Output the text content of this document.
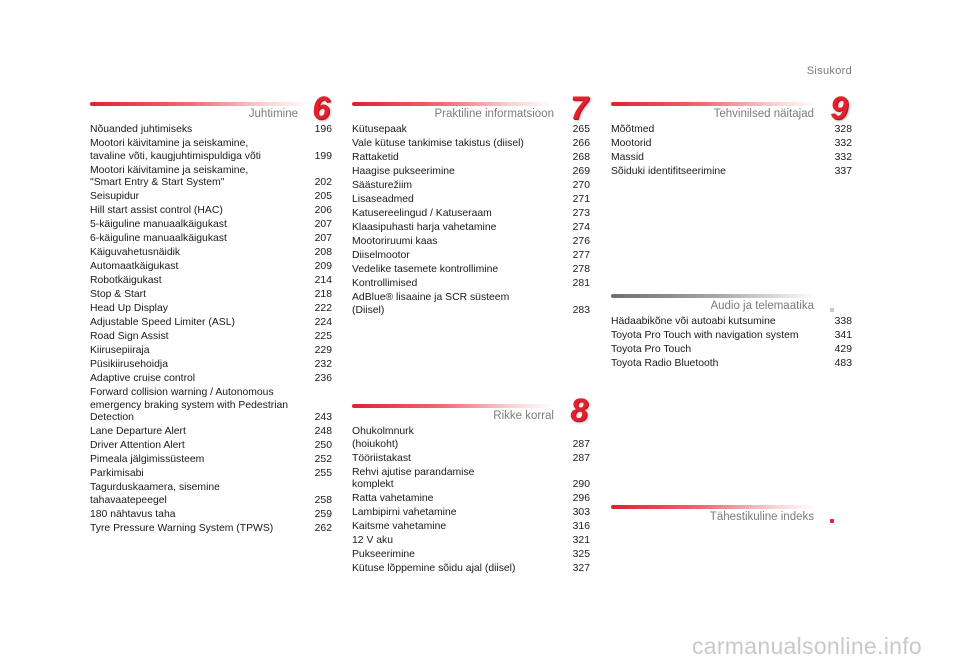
Sisukord
Juhtimine 6
Nõuanded juhtimiseks	196
Mootori käivitamine ja seiskamine,
tavaline võti, kaugjuhtimispuldiga võti	199
Mootori käivitamine ja seiskamine,
"Smart Entry & Start System"	202
Seisupidur	205
Hill start assist control (HAC)	206
5-käiguline manuaalkäigukast	207
6-käiguline manuaalkäigukast	207
Käiguvahetusnäidik	208
Automaatkäigukast	209
Robotkäigukast	214
Stop & Start	218
Head Up Display	222
Adjustable Speed Limiter (ASL)	224
Road Sign Assist	225
Kiirusepiiraja	229
Püsikiirusehoidja	232
Adaptive cruise control	236
Forward collision warning / Autonomous
emergency braking system with Pedestrian
Detection	243
Lane Departure Alert	248
Driver Attention Alert	250
Pimeala jälgimissüsteem	252
Parkimisabi	255
Tagurduskaamera, sisemine
tahavaatepeegel	258
180 nähtavus taha	259
Tyre Pressure Warning System (TPWS)	262
Praktiline informatsioon 7
Kütusepaak	265
Vale kütuse tankimise takistus (diisel)	266
Rattaketid	268
Haagise pukseerimine	269
Säästurežiim	270
Lisaseadmed	271
Katusereelingud / Katuseraam	273
Klaasipuhasti harja vahetamine	274
Mootoriruumi kaas	276
Diiselmootor	277
Vedelike tasemete kontrollimine	278
Kontrollimised	281
AdBlue® lisaaine ja SCR süsteem
(Diisel)	283
Rikke korral 8
Ohukolmnurk
(hoiukoht)	287
Tööriistakast	287
Rehvi ajutise parandamise
komplekt	290
Ratta vahetamine	296
Lambipirni vahetamine	303
Kaitsme vahetamine	316
12 V aku	321
Pukseerimine	325
Kütuse lõppemine sõidu ajal (diisel)	327
Tehvinilsed näitajad 9
Mõõtmed	328
Mootorid	332
Massid	332
Sõiduki identifitseerimine	337
Audio ja telemaatika
Hädaabikõne või autoabi kutsumine	338
Toyota Pro Touch with navigation system	341
Toyota Pro Touch	429
Toyota Radio Bluetooth	483
Tähestikuline indeks
carmanualsonline.info
